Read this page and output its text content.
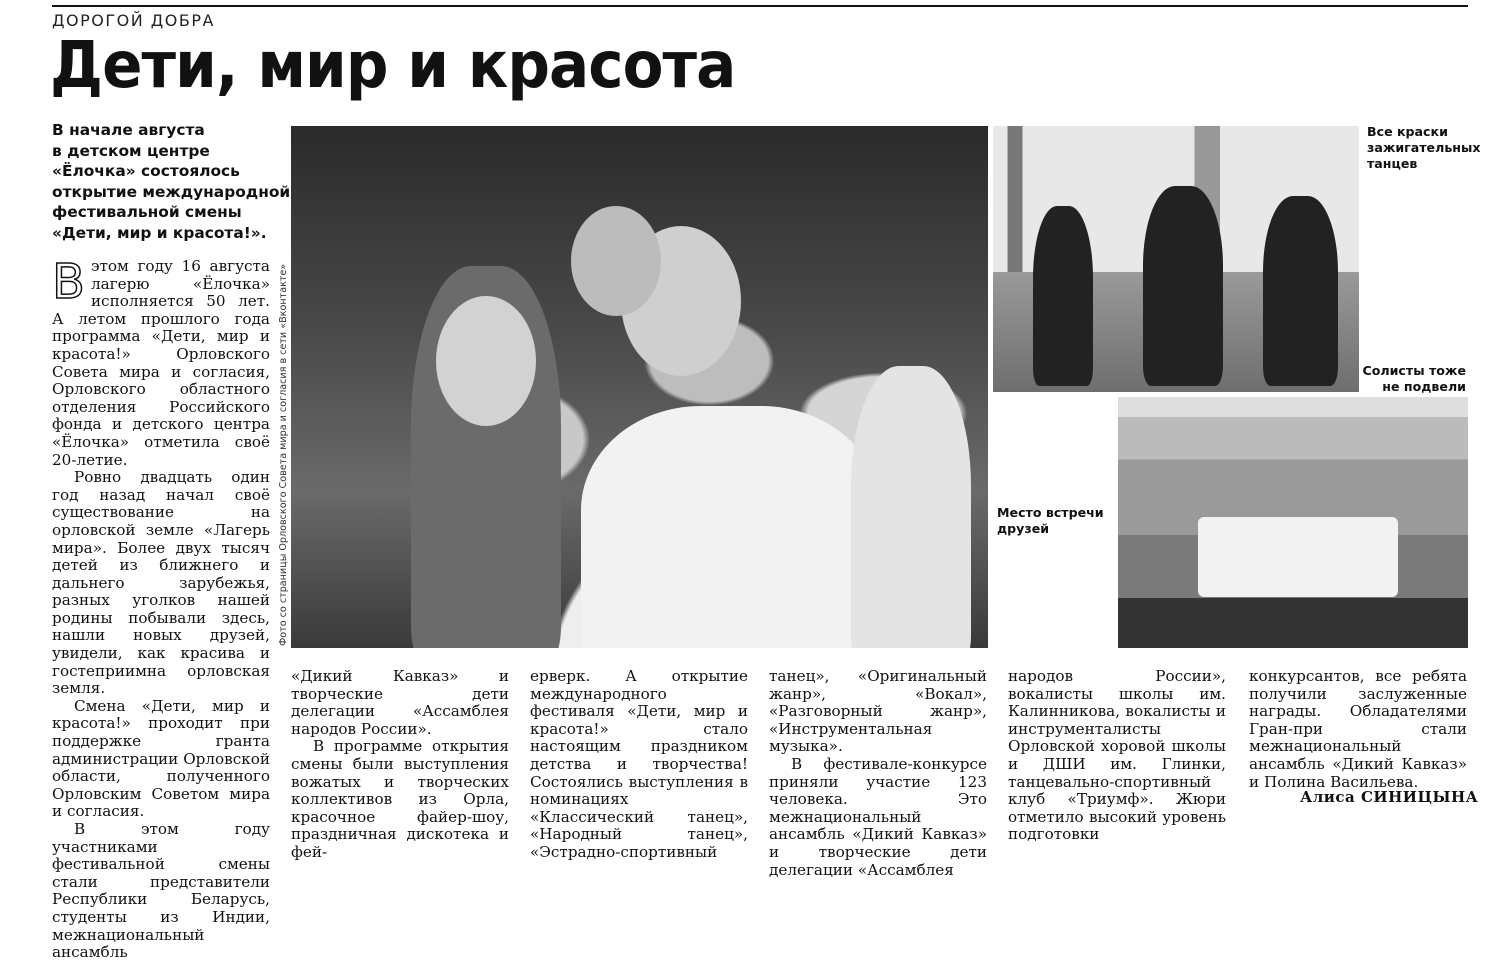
ДОРОГОЙ ДОБРА
Дети, мир и красота
В начале августа
в детском центре
«Ёлочка» состоялось
открытие международной
фестивальной смены
«Дети, мир и красота!».

Вэтом году 16 августа лагерю «Ёлочка» исполняется 50 лет. А летом прошлого года программа «Дети, мир и красота!» Орловского Совета мира и согласия, Орловского областного отделения Российского фонда и детского центра «Ёлочка» отметила своё 20-летие.

Ровно двадцать один год назад начал своё существование на орловской земле «Лагерь мира». Более двух тысяч детей из ближнего и дальнего зарубежья, разных уголков нашей родины побывали здесь, нашли новых друзей, увидели, как красива и гостеприимна орловская земля.

Смена «Дети, мир и красота!» проходит при поддержке гранта администрации Орловской области, полученного Орловским Советом мира и согласия.

В этом году участниками фестивальной смены стали представители Республики Беларусь, студенты из Индии, межнациональный ансамбль

«Дикий Кавказ» и творческие дети делегации «Ассамблея народов России».

В программе открытия смены были выступления вожатых и творческих коллективов из Орла, красочное файер-шоу, праздничная дискотека и фей-

ерверк. А открытие международного фестиваля «Дети, мир и красота!» стало настоящим праздником детства и творчества! Состоялись выступления в номинациях «Классический танец», «Народный танец», «Эстрадно-спортивный

танец», «Оригинальный жанр», «Вокал», «Разговорный жанр», «Инструментальная музыка».

В фестивале-конкурсе приняли участие 123 человека. Это межнациональный ансамбль «Дикий Кавказ» и творческие дети делегации «Ассамблея

народов России», вокалисты школы им. Калинникова, вокалисты и инструменталисты Орловской хоровой школы и ДШИ им. Глинки, танцевально-спортивный клуб «Триумф». Жюри отметило высокий уровень подготовки

конкурсантов, все ребята получили заслуженные награды. Обладателями Гран-при стали межнациональный ансамбль «Дикий Кавказ» и Полина Васильева.

Фото со страницы Орловского Совета мира и согласия в сети «Вконтакте»
Все краски зажигательных танцев
Солисты тоже не подвели
Место встречи друзей
Алиса СИНИЦЫНА
